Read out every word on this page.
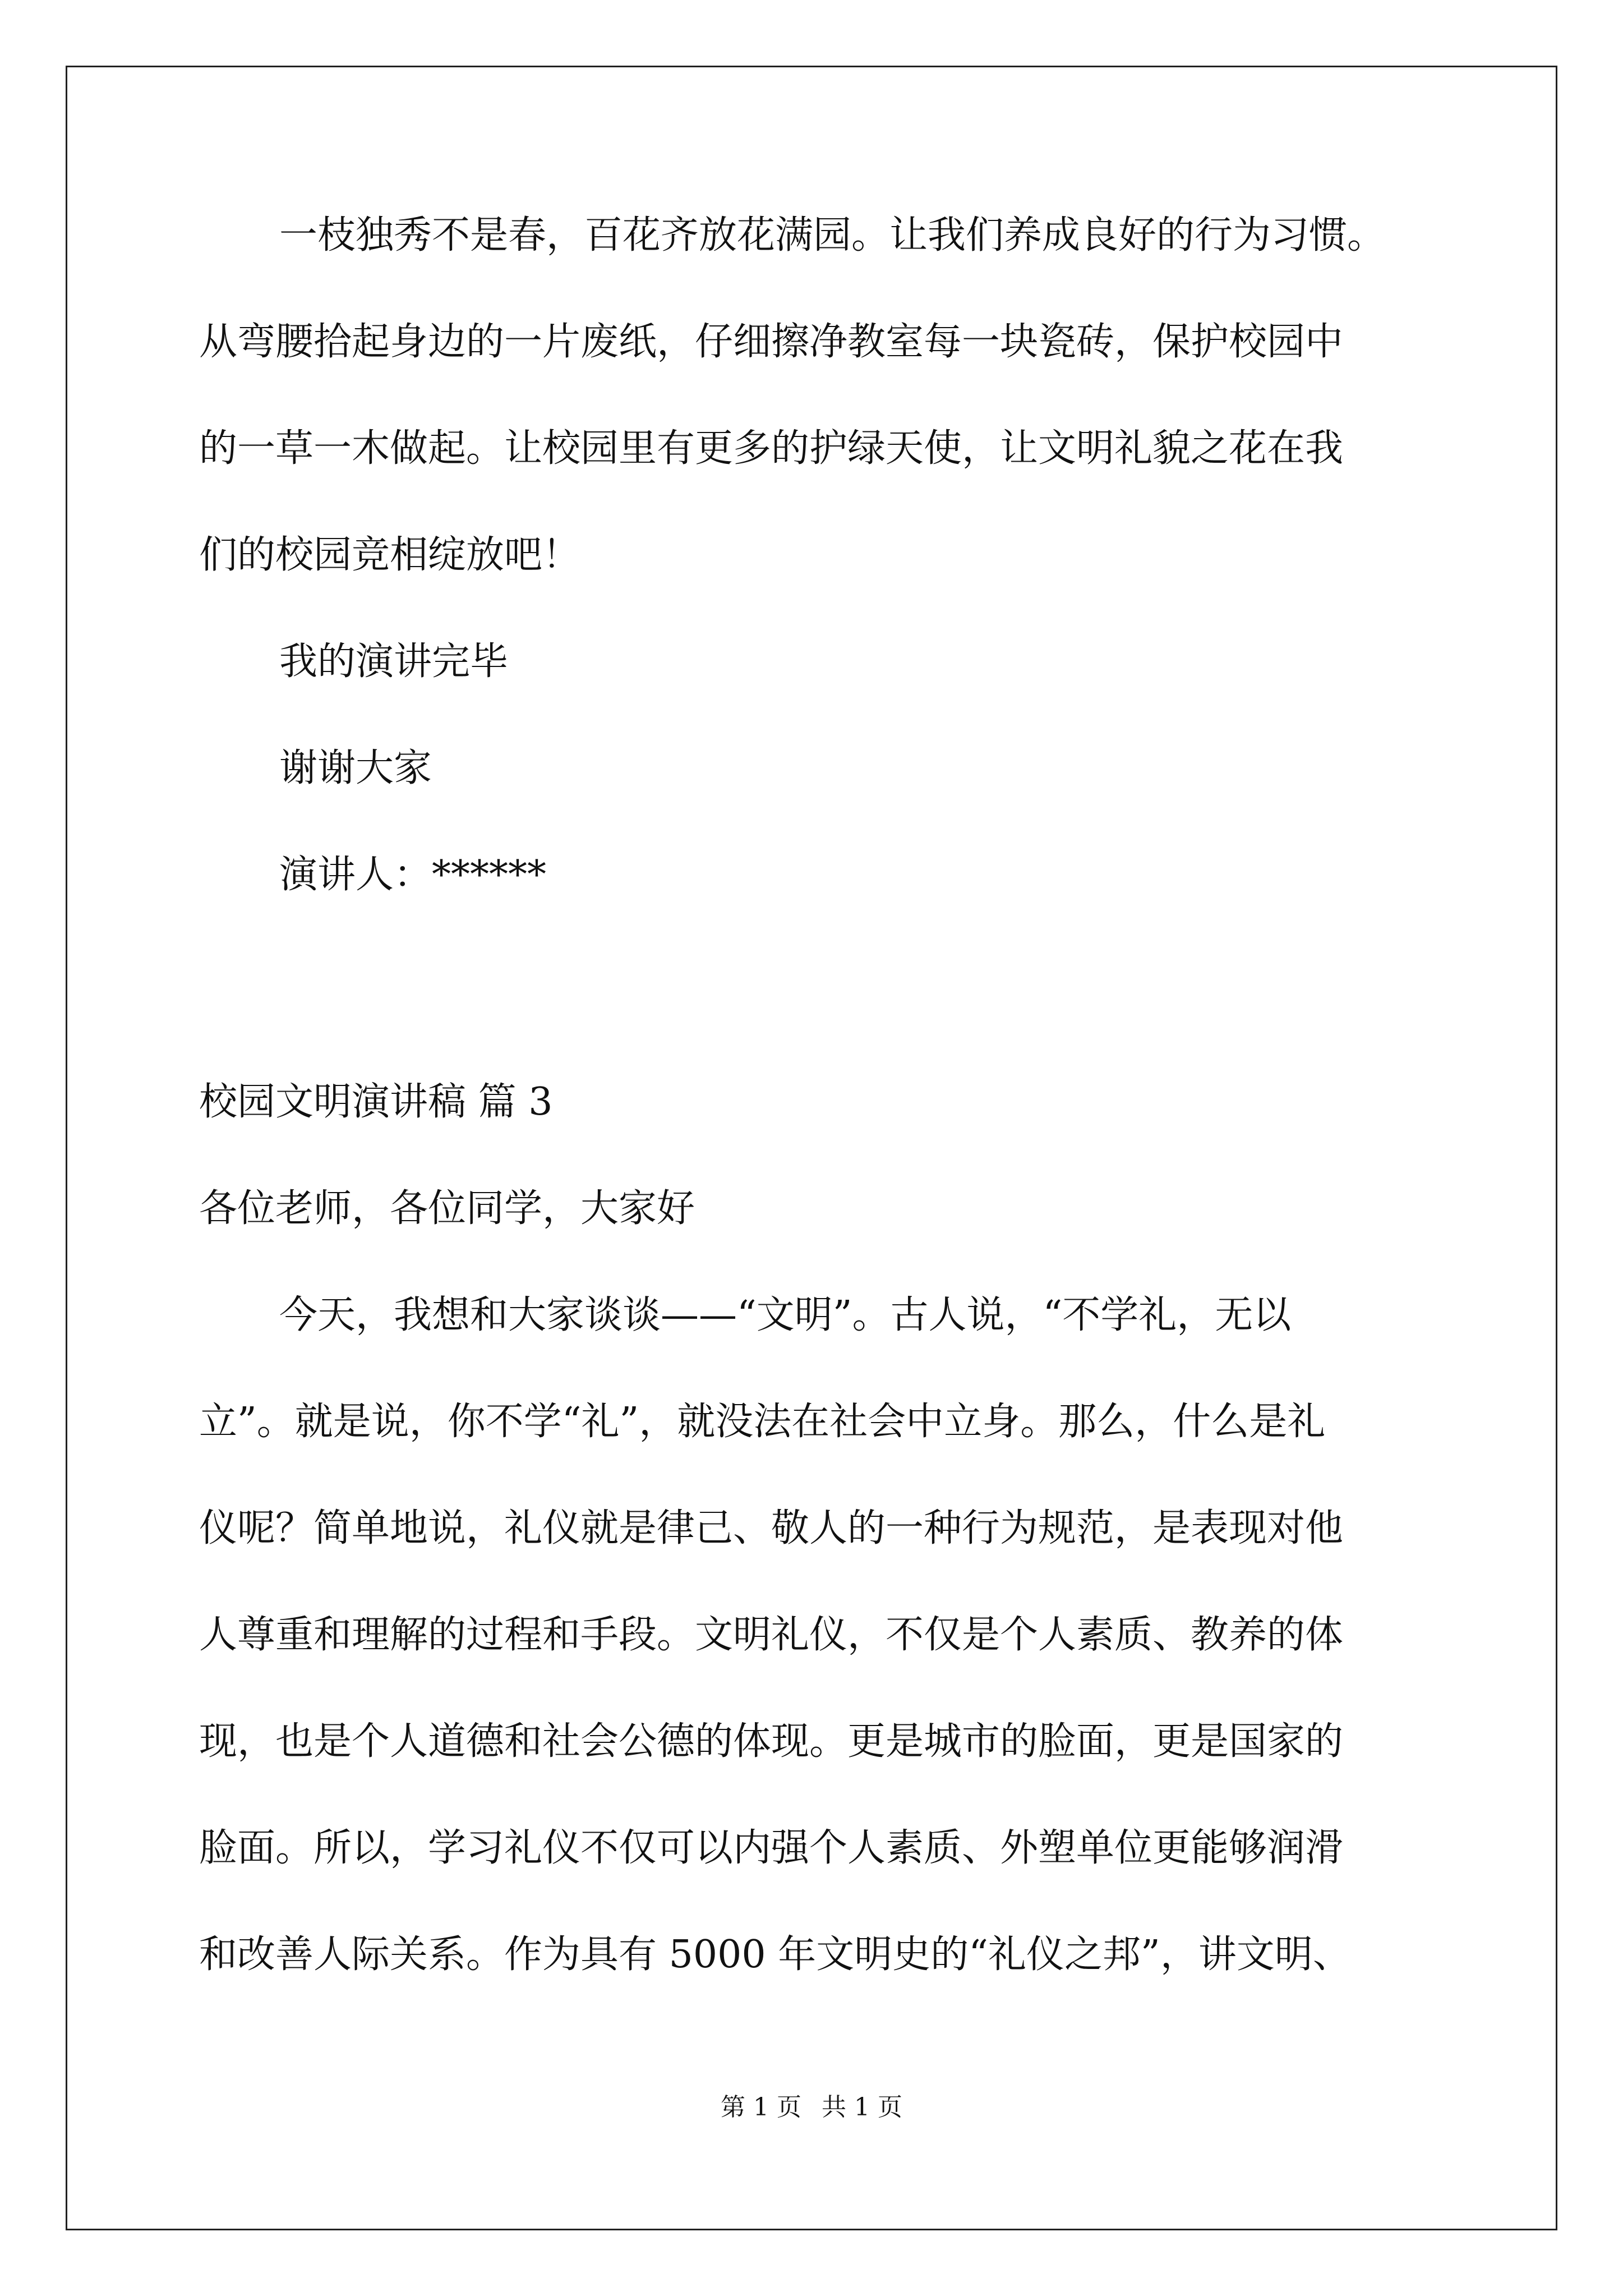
一枝独秀不是春，百花齐放花满园。让我们养成良好的行为习惯。
从弯腰拾起身边的一片废纸，仔细擦净教室每一块瓷砖，保护校园中
的一草一木做起。让校园里有更多的护绿天使，让文明礼貌之花在我
们的校园竞相绽放吧！
我的演讲完毕
谢谢大家
演讲人：******
校园文明演讲稿 篇 3
各位老师，各位同学，大家好
今天，我想和大家谈谈——“文明”。古人说，“不学礼，无以
立”。就是说，你不学“礼”，就没法在社会中立身。那么，什么是礼
仪呢？简单地说，礼仪就是律己、敬人的一种行为规范，是表现对他
人尊重和理解的过程和手段。文明礼仪，不仅是个人素质、教养的体
现，也是个人道德和社会公德的体现。更是城市的脸面，更是国家的
脸面。所以，学习礼仪不仅可以内强个人素质、外塑单位更能够润滑
和改善人际关系。作为具有 5000 年文明史的“礼仪之邦”，讲文明、
第 1 页 共 1 页
